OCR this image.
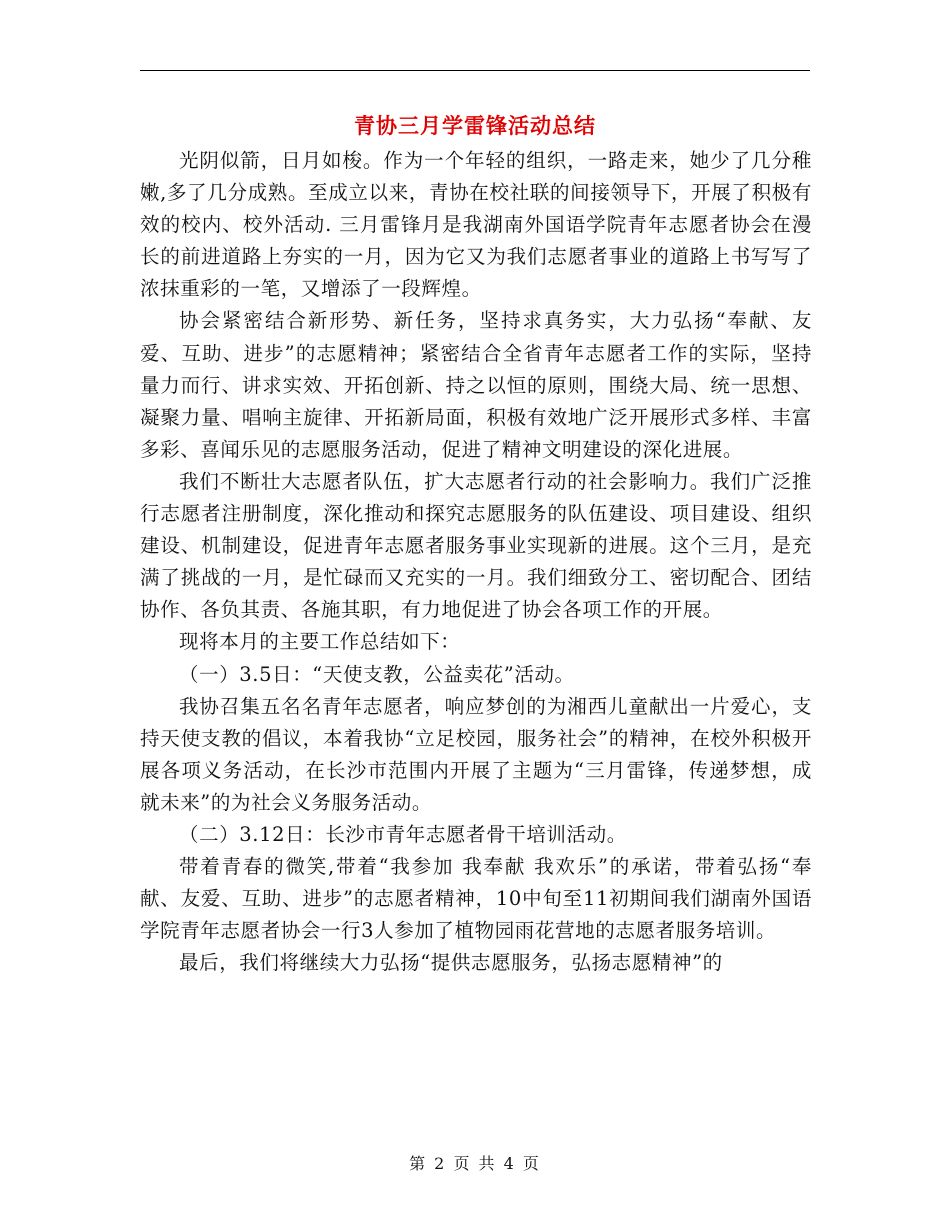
青协三月学雷锋活动总结

光阴似箭，日月如梭。作为一个年轻的组织，一路走来，她少了几分稚嫩,多了几分成熟。至成立以来，青协在校社联的间接领导下，开展了积极有效的校内、校外活动. 三月雷锋月是我湖南外国语学院青年志愿者协会在漫长的前进道路上夯实的一月，因为它又为我们志愿者事业的道路上书写写了浓抹重彩的一笔，又增添了一段辉煌。

协会紧密结合新形势、新任务，坚持求真务实，大力弘扬“奉献、友爱、互助、进步”的志愿精神；紧密结合全省青年志愿者工作的实际，坚持量力而行、讲求实效、开拓创新、持之以恒的原则，围绕大局、统一思想、凝聚力量、唱响主旋律、开拓新局面，积极有效地广泛开展形式多样、丰富多彩、喜闻乐见的志愿服务活动，促进了精神文明建设的深化进展。

我们不断壮大志愿者队伍，扩大志愿者行动的社会影响力。我们广泛推行志愿者注册制度，深化推动和探究志愿服务的队伍建设、项目建设、组织建设、机制建设，促进青年志愿者服务事业实现新的进展。这个三月，是充满了挑战的一月，是忙碌而又充实的一月。我们细致分工、密切配合、团结协作、各负其责、各施其职，有力地促进了协会各项工作的开展。

现将本月的主要工作总结如下：

（一）3.5日：“天使支教，公益卖花”活动。

我协召集五名名青年志愿者，响应梦创的为湘西儿童献出一片爱心，支持天使支教的倡议，本着我协“立足校园，服务社会”的精神，在校外积极开展各项义务活动，在长沙市范围内开展了主题为“三月雷锋，传递梦想，成就未来”的为社会义务服务活动。

（二）3.12日：长沙市青年志愿者骨干培训活动。

带着青春的微笑,带着“我参加 我奉献 我欢乐”的承诺，带着弘扬“奉献、友爱、互助、进步”的志愿者精神，10中旬至11初期间我们湖南外国语学院青年志愿者协会一行3人参加了植物园雨花营地的志愿者服务培训。

最后，我们将继续大力弘扬“提供志愿服务，弘扬志愿精神”的

第 2 页 共 4 页
